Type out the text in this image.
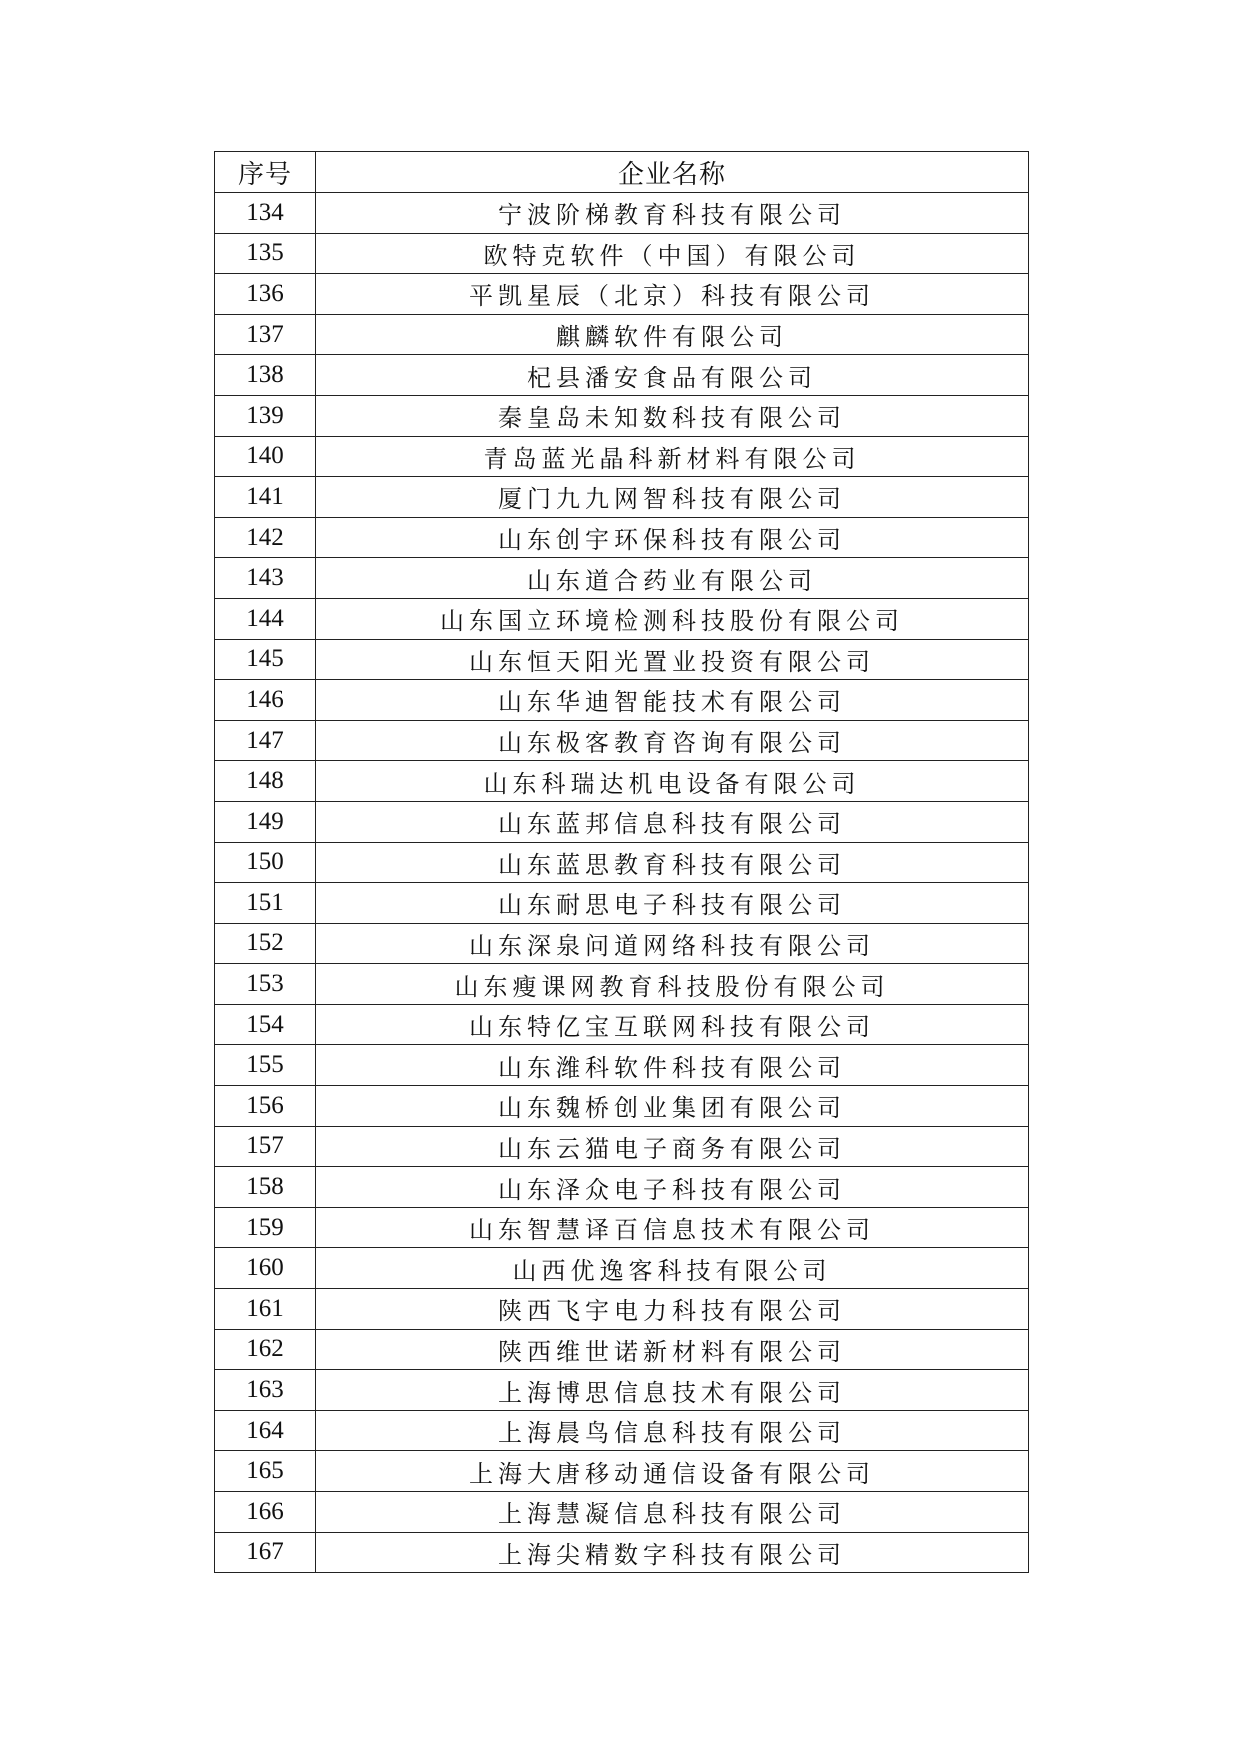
序号	企业名称
134	宁波阶梯教育科技有限公司
135	欧特克软件（中国）有限公司
136	平凯星辰（北京）科技有限公司
137	麒麟软件有限公司
138	杞县潘安食品有限公司
139	秦皇岛未知数科技有限公司
140	青岛蓝光晶科新材料有限公司
141	厦门九九网智科技有限公司
142	山东创宇环保科技有限公司
143	山东道合药业有限公司
144	山东国立环境检测科技股份有限公司
145	山东恒天阳光置业投资有限公司
146	山东华迪智能技术有限公司
147	山东极客教育咨询有限公司
148	山东科瑞达机电设备有限公司
149	山东蓝邦信息科技有限公司
150	山东蓝思教育科技有限公司
151	山东耐思电子科技有限公司
152	山东深泉问道网络科技有限公司
153	山东瘦课网教育科技股份有限公司
154	山东特亿宝互联网科技有限公司
155	山东潍科软件科技有限公司
156	山东魏桥创业集团有限公司
157	山东云猫电子商务有限公司
158	山东泽众电子科技有限公司
159	山东智慧译百信息技术有限公司
160	山西优逸客科技有限公司
161	陕西飞宇电力科技有限公司
162	陕西维世诺新材料有限公司
163	上海博思信息技术有限公司
164	上海晨鸟信息科技有限公司
165	上海大唐移动通信设备有限公司
166	上海慧凝信息科技有限公司
167	上海尖精数字科技有限公司
